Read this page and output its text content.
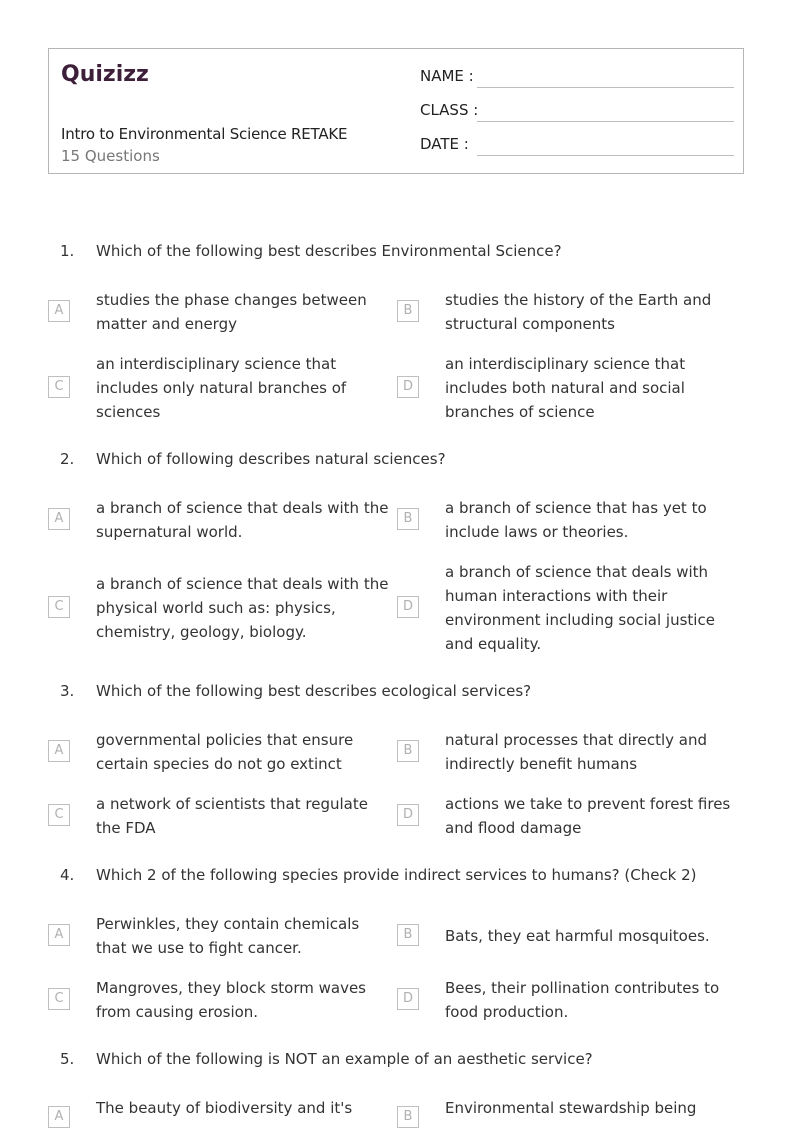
Quizizz
Intro to Environmental Science RETAKE
15 Questions
NAME :
CLASS :
DATE :
1. Which of the following best describes Environmental Science?
A
studies the phase changes between matter and energy
B
studies the history of the Earth and structural components
C
an interdisciplinary science that includes only natural branches of sciences
D
an interdisciplinary science that includes both natural and social branches of science
2. Which of following describes natural sciences?
A
a branch of science that deals with the supernatural world.
B
a branch of science that has yet to include laws or theories.
C
a branch of science that deals with the physical world such as: physics, chemistry, geology, biology.
D
a branch of science that deals with human interactions with their environment including social justice and equality.
3. Which of the following best describes ecological services?
A
governmental policies that ensure certain species do not go extinct
B
natural processes that directly and indirectly benefit humans
C
a network of scientists that regulate the FDA
D
actions we take to prevent forest fires and flood damage
4. Which 2 of the following species provide indirect services to humans? (Check 2)
A
Perwinkles, they contain chemicals that we use to fight cancer.
B	Bats, they eat harmful mosquitoes.
C
Mangroves, they block storm waves from causing erosion.
D
Bees, their pollination contributes to food production.
5. Which of the following is NOT an example of an aesthetic service?
A	The beauty of biodiversity and it's	B	Environmental stewardship being
